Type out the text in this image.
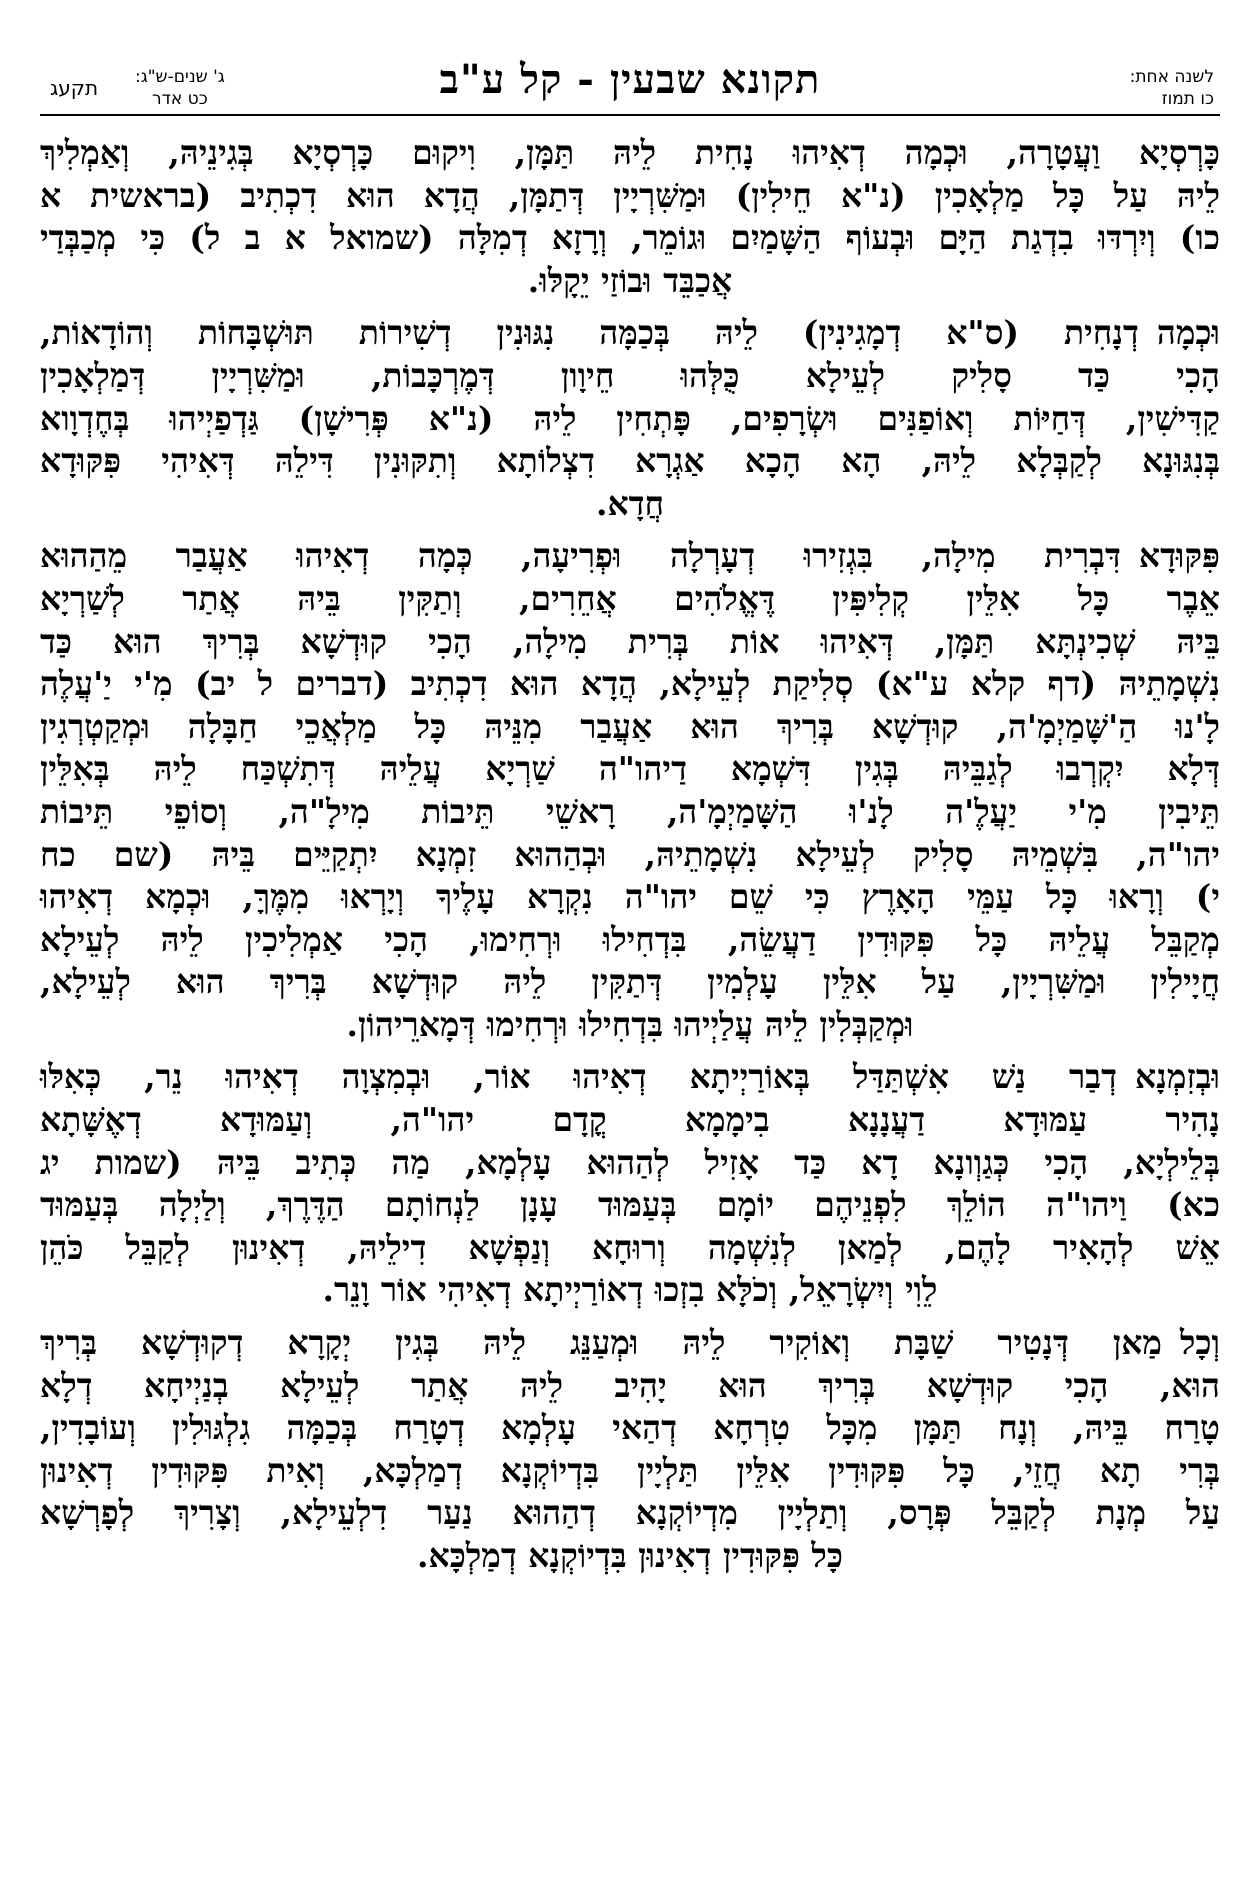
לשנה אחת:
כו תמוז
תקונא שבעין - קל ע"ב
ג' שנים-ש"ג:
כט אדר
תקעג
כָּרְסְיָא וַעֲטָרָה, וּכְמָה דְאִיהוּ נָחִית לֵיהּ תַּמָּן, וִיקוּם כָּרְסְיָא בְּגִינֵיהּ, וְאַמְלִיךְ
לֵיהּ עַל כָּל מַלְאָכִין (נ"א חֵילִין) וּמַשִּׁרְיָין דְּתַמָּן, הֲדָא הוּא דִכְתִיב (בראשית א
כו) וְיִרְדּוּ בִדְגַת הַיָּם וּבְעוֹף הַשָּׁמַיִם וּגוֹמֵר, וְרָזָא דְמִלָּה (שמואל א ב ל) כִּי מְכַבְּדַי
אֲכַבֵּד וּבוֹזַי יֵקָלּוּ.
וּכְמָהדְנָחִית (ס"א דְמָגִינִין) לֵיהּ בְּכַמָּה נִגּוּנִין דְשִׁירוֹת תּוּשְׁבָּחוֹת וְהוֹדָאוֹת,
הָכִי כַּד סָלִיק לְעֵילָא כֻּלְּהוּ חֵיוָון דְּמֶרְכָּבוֹת, וּמַשִּׁרְיָין דְּמַלְאָכִין
קַדִּישִׁין, דְּחַיּוֹת וְאוֹפַנִּים וּשְׂרָפִים, פָּתְחִין לֵיהּ (נ"א פְּרִישָׁן) גַּדְפַיְיהוּ בְּחֶדְוָוא
בְּנִגּוּנָא לְקַבְּלָא לֵיהּ, הָא הָכָא אַגְרָא דִצְלוֹתָא וְתִקּוּנִין דִּילֵהּ דְּאִיהִי פִּקּוּדָא
חֲדָא.
פִּקּוּדָאדִּבְרִית מִילָה, בִּגְזִירוּ דְעָרְלָה וּפְרִיעָה, כְּמָה דְאִיהוּ אַעֲבַר מֵהַהוּא
אֵבֶר כָּל אִלֵּין קְלִיפִּין דֶּאֱלֹהִים אֲחֵרִים, וְתַקִּין בֵּיהּ אֲתַר לְשַׁרְיָא
בֵּיהּ שְׁכִינְתָּא תַּמָּן, דְּאִיהוּ אוֹת בְּרִית מִילָה, הָכִי קוּדְשָׁא בְּרִיךְ הוּא כַּד
נִשְׁמָתֵיהּ (דף קלא ע"א) סְלִיקַת לְעֵילָא, הֲדָא הוּא דִכְתִיב (דברים ל יב) מִ'י יַ'עֲלֶה
לָ'נוּ הַ'שָּׁמַיְמָ'ה, קוּדְשָׁא בְּרִיךְ הוּא אַעֲבַר מִנֵּיהּ כָּל מַלְאֲכֵי חַבָּלָה וּמְקַטְרְגִין
דְּלָא יִקְרְבוּ לְגַבֵּיהּ בְּגִין דִּשְׁמָא דַיהו"ה שַׁרְיָא עֲלֵיהּ דְּתִשְׁכַּח לֵיהּ בְּאִלֵּין
תֵּיבִין מִ'י יַעֲלֶ'ה לָנ'וּ הַשָּׁמַיְמָ'ה, רָאשֵׁי תֵּיבוֹת מִילָ"ה, וְסוֹפֵי תֵּיבוֹת
יהו"ה, בִּשְׁמֵיהּ סָלִיק לְעֵילָא נִשְׁמָתֵיהּ, וּבְהַהוּא זִמְנָא יִתְקַיֵּים בֵּיהּ (שם כח
י) וְרָאוּ כָּל עַמֵּי הָאָרֶץ כִּי שֵׁם יהו"ה נִקְרָא עָלֶיךָ וְיָרְאוּ מִמֶּךָּ, וּכְמָא דְאִיהוּ
מְקַבֵּל עֲלֵיהּ כָּל פִּקּוּדִין דַעֲשֵׂה, בִּדְחִילוּ וּרְחִימוּ, הָכִי אַמְלִיכִין לֵיהּ לְעֵילָא
חֲיָילִין וּמַשִּׁרְיָין, עַל אִלֵּין עָלְמִין דְּתַקִּין לֵיהּ קוּדְשָׁא בְּרִיךְ הוּא לְעֵילָא,
וּמְקַבְּלִין לֵיהּ עֲלַיְיהוּ בִּדְחִילוּ וּרְחִימוּ דְּמָארֵיהוֹן.
וּבְזִמְנָאדְבַר נַשׁ אִשְׁתַּדַּל בְּאוֹרַיְיתָא דְאִיהוּ אוֹר, וּבְמִצְוָה דְאִיהוּ נֵר, כְּאִלּוּ
נָהִיר עַמּוּדָא דַעֲנָנָא בִימָמָא קֳדָם יהו"ה, וְעַמּוּדָא דְאֶשָּׁתָא
בְּלֵילְיָא, הָכִי כְּגַוְונָא דָא כַּד אָזִיל לְהַהוּא עָלְמָא, מַה כְּתִיב בֵּיהּ (שמות יג
כא) וַיהו"ה הוֹלֵךְ לִפְנֵיהֶם יוֹמָם בְּעַמּוּד עָנָן לַנְחוֹתָם הַדֶּרֶךְ, וְלַיְלָה בְּעַמּוּד
אֵשׁ לְהָאִיר לָהֶם, לְמַאן לְנִשְׁמָה וְרוּחָא וְנַפְשָׁא דִילֵיהּ, דְאִינוּן לְקַבֵּל כֹּהֵן
לֵוִי וְיִשְׂרָאֵל, וְכֹלָּא בִזְכוּ דְאוֹרַיְיתָא דְאִיהִי אוֹר וָנֵר.
וְכָלמַאן דְּנָטִיר שַׁבָּת וְאוֹקִיר לֵיהּ וּמְעַנֵּג לֵיהּ בְּגִין יְקָרָא דְקוּדְשָׁא בְּרִיךְ
הוּא, הָכִי קוּדְשָׁא בְּרִיךְ הוּא יָהִיב לֵיהּ אֲתַר לְעֵילָא בְנַיְיחָא דְלָא
טָרַח בֵּיהּ, וְנָח תַּמָּן מִכָּל טִרְחָא דְהַאי עָלְמָא דְטָרַח בְּכַמָּה גִלְגּוּלִין וְעוֹבָדִין,
בְּרִי תָא חֲזֵי, כָּל פִּקּוּדִין אִלֵּין תַּלְיָין בִּדְיוֹקְנָא דְמַלְכָּא, וְאִית פִּקּוּדִין דְאִינוּן
עַל מְנָת לְקַבֵּל פְּרָס, וְתַלְיָין מִדְיוֹקְנָא דְהַהוּא נַעַר דִלְעֵילָא, וְצָרִיךְ לְפָרְשָׁא
כָּל פִּקּוּדִין דְאִינוּן בִּדְיוֹקְנָא דְמַלְכָּא.
